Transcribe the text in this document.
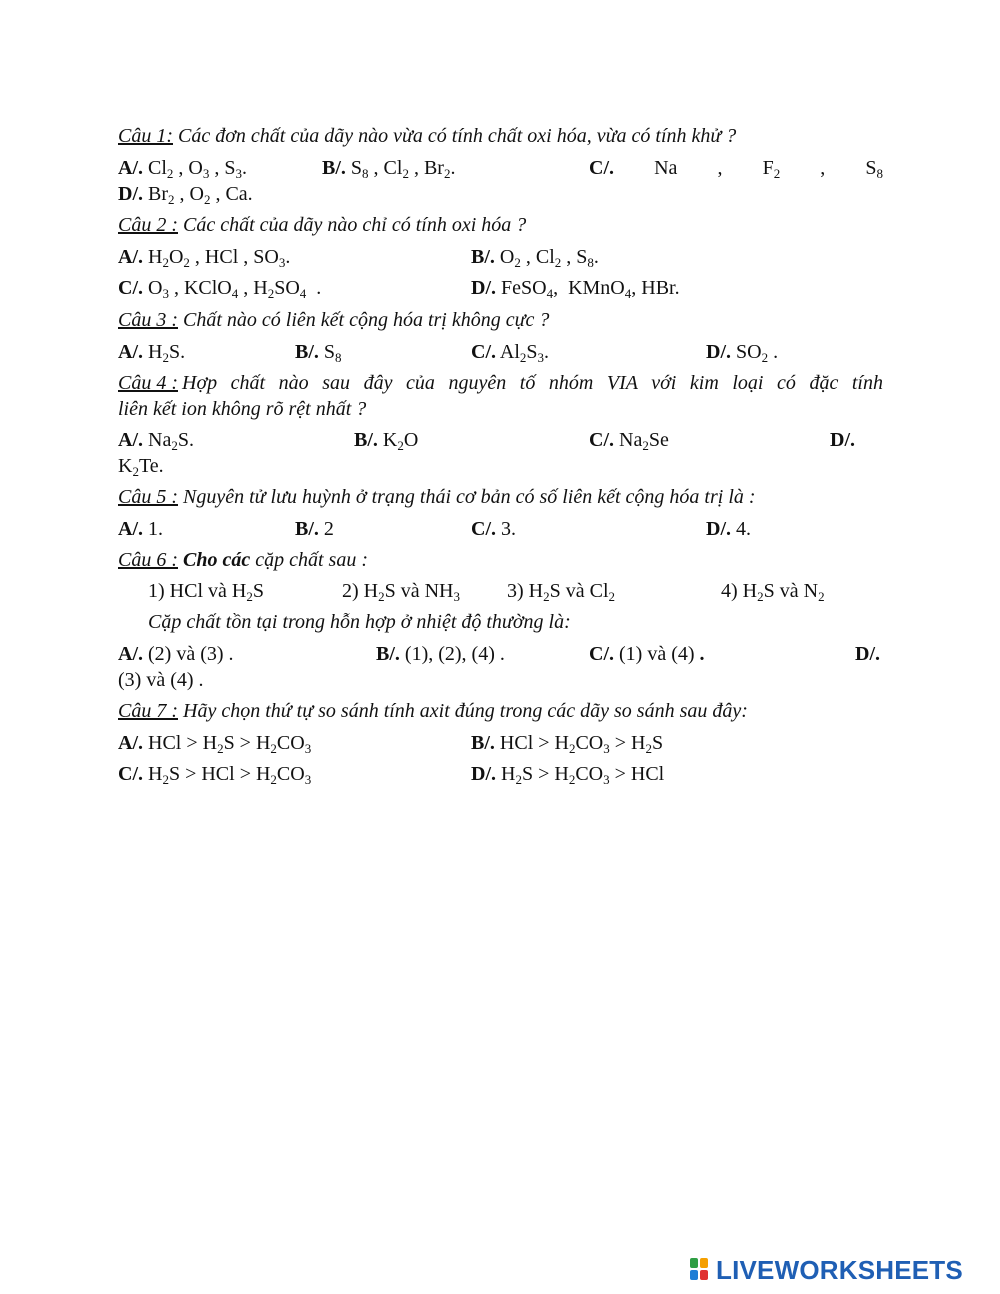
Câu 1: Các đơn chất của dãy nào vừa có tính chất oxi hóa, vừa có tính khử ?
A/. $Cl_2$ , $O_3$ , $S_3$.	B/. $S_8$ , $Cl_2$ , $Br_2$.	C/. Na , $F_2$ , $S_8$
D/. $Br_2$ , $O_2$ , Ca.
Câu 2 : Các chất của dãy nào chỉ có tính oxi hóa ?
A/. $H_2O_2$ , HCl , $SO_3$.	B/. $O_2$ , $Cl_2$ , $S_8$.
C/. $O_3$ , KClO$_4$ , $H_2SO_4$  .	D/. FeSO$_4$,  KMnO$_4$, HBr.
Câu 3 : Chất nào có liên kết cộng hóa trị không cực ?
A/. $H_2S$.	B/. $S_8$	C/. $Al_2S_3$.	D/. $SO_2$ .
Câu 4 : Hợp chất nào sau đây của nguyên tố nhóm VIA với kim loại có đặc tính
liên kết ion không rõ rệt nhất ?
A/. $Na_2S$.	B/. $K_2O$	C/. $Na_2Se$	D/.
$K_2Te$.
Câu 5 : Nguyên tử lưu huỳnh ở trạng thái cơ bản có số liên kết cộng hóa trị là :
A/. 1.	B/. 2	C/. 3.	D/. 4.
Câu 6 : Cho các cặp chất sau :
1) HCl và $H_2S$	2) $H_2S$ và $NH_3$ 3) $H_2S$ và $Cl_2$	4) $H_2S$ và $N_2$
Cặp chất tồn tại trong hỗn hợp ở nhiệt độ thường là:
A/. (2) và (3) .	B/. (1), (2), (4) .	C/. (1) và (4) .	D/.
(3) và (4) .
Câu 7 : Hãy chọn thứ tự so sánh tính axit đúng trong các dãy so sánh sau đây:
A/. HCl > $H_2S > H_2CO_3$	B/. HCl > $H_2CO_3 > H_2S$
C/. $H_2S$ > HCl > $H_2CO_3$	D/. $H_2S > H_2CO_3$ > HCl
LIVEWORKSHEETS
